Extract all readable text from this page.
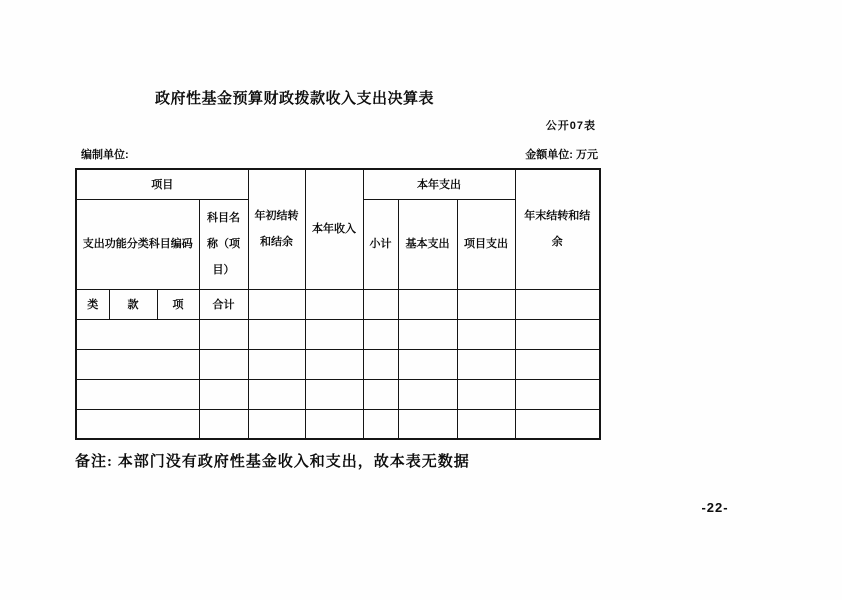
政府性基金预算财政拨款收入支出决算表
公开07表
编制单位:	金额单位: 万元
项目				年初结转和结余	本年收入	本年支出			年末结转和结余
支出功能分类科目编码			科目名称（项目）			小计	基本支出	项目支出	
类	款	项	合计						

备注: 本部门没有政府性基金收入和支出，故本表无数据
-22-
